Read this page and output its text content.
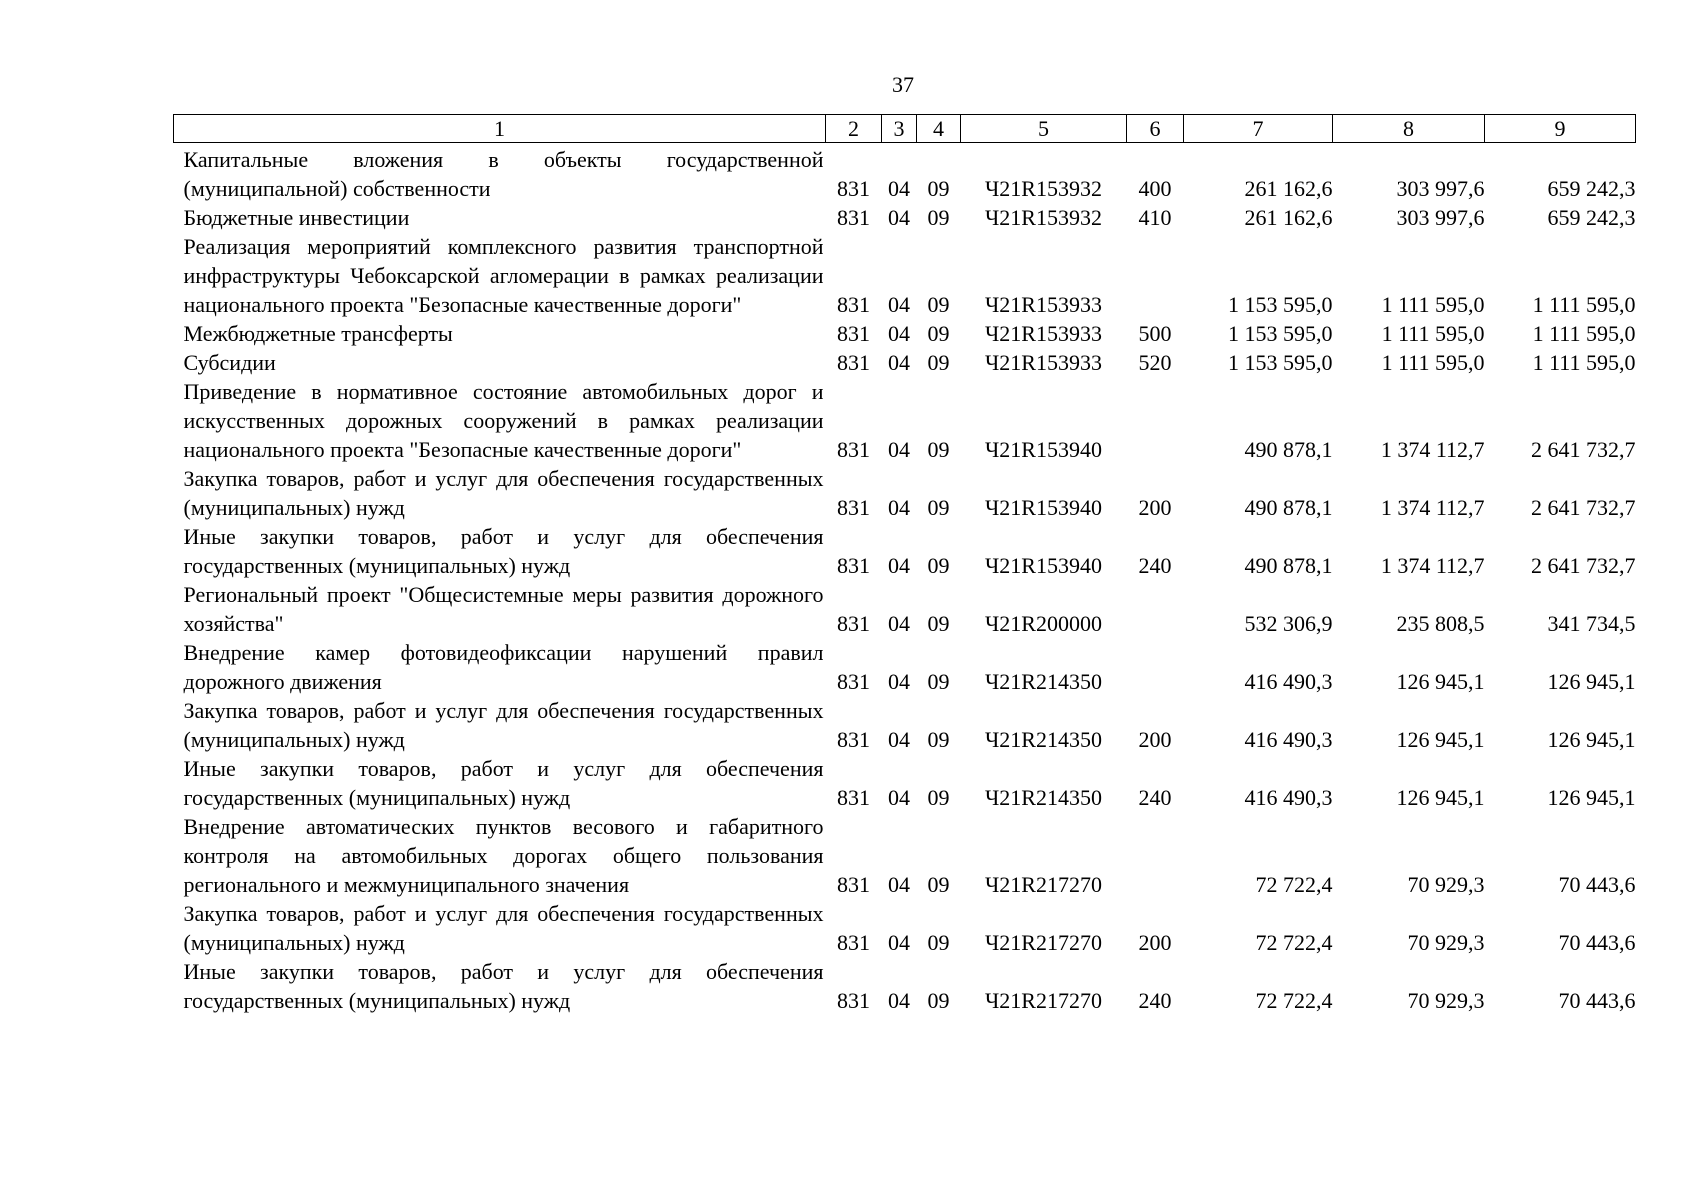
37
1	2	3	4	5	6	7	8	9
Капитальные вложения в объекты государственной (муниципальной) собственности	831	04	09	Ч21R153932	400	261 162,6	303 997,6	659 242,3
Бюджетные инвестиции	831	04	09	Ч21R153932	410	261 162,6	303 997,6	659 242,3
Реализация мероприятий комплексного развития транспортной инфраструктуры Чебоксарской агломерации в рамках реализации национального проекта "Безопасные качественные дороги"	831	04	09	Ч21R153933		1 153 595,0	1 111 595,0	1 111 595,0
Межбюджетные трансферты	831	04	09	Ч21R153933	500	1 153 595,0	1 111 595,0	1 111 595,0
Субсидии	831	04	09	Ч21R153933	520	1 153 595,0	1 111 595,0	1 111 595,0
Приведение в нормативное состояние автомобильных дорог и искусственных дорожных сооружений в рамках реализации национального проекта "Безопасные качественные дороги"	831	04	09	Ч21R153940		490 878,1	1 374 112,7	2 641 732,7
Закупка товаров, работ и услуг для обеспечения государственных (муниципальных) нужд	831	04	09	Ч21R153940	200	490 878,1	1 374 112,7	2 641 732,7
Иные закупки товаров, работ и услуг для обеспечения государственных (муниципальных) нужд	831	04	09	Ч21R153940	240	490 878,1	1 374 112,7	2 641 732,7
Региональный проект "Общесистемные меры развития дорожного хозяйства"	831	04	09	Ч21R200000		532 306,9	235 808,5	341 734,5
Внедрение камер фотовидеофиксации нарушений правил дорожного движения	831	04	09	Ч21R214350		416 490,3	126 945,1	126 945,1
Закупка товаров, работ и услуг для обеспечения государственных (муниципальных) нужд	831	04	09	Ч21R214350	200	416 490,3	126 945,1	126 945,1
Иные закупки товаров, работ и услуг для обеспечения государственных (муниципальных) нужд	831	04	09	Ч21R214350	240	416 490,3	126 945,1	126 945,1
Внедрение автоматических пунктов весового и габаритного контроля на автомобильных дорогах общего пользования регионального и межмуниципального значения	831	04	09	Ч21R217270		72 722,4	70 929,3	70 443,6
Закупка товаров, работ и услуг для обеспечения государственных (муниципальных) нужд	831	04	09	Ч21R217270	200	72 722,4	70 929,3	70 443,6
Иные закупки товаров, работ и услуг для обеспечения государственных (муниципальных) нужд	831	04	09	Ч21R217270	240	72 722,4	70 929,3	70 443,6
